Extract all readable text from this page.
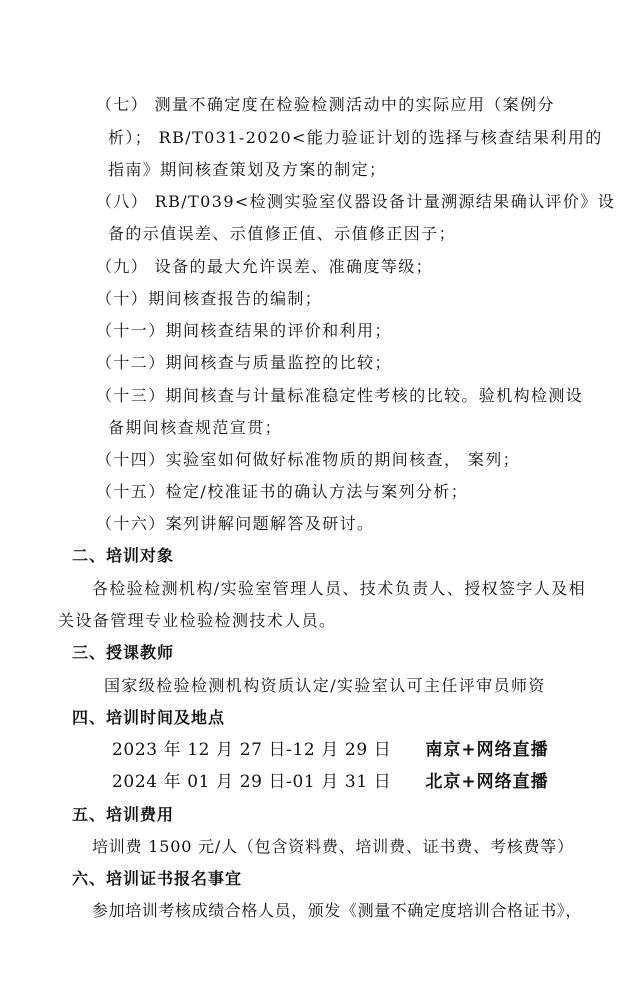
（七） 测量不确定度在检验检测活动中的实际应用（案例分
析）； RB/T031-2020<能力验证计划的选择与核查结果利用的
指南》期间核查策划及方案的制定；
（八） RB/T039<检测实验室仪器设备计量溯源结果确认评价》设
备的示值误差、示值修正值、示值修正因子；
（九） 设备的最大允许误差、准确度等级；
（十）期间核查报告的编制；
（十一）期间核查结果的评价和利用；
（十二）期间核查与质量监控的比较；
（十三）期间核查与计量标准稳定性考核的比较。验机构检测设
备期间核查规范宣贯；
（十四）实验室如何做好标准物质的期间核查， 案列；
（十五）检定/校准证书的确认方法与案列分析；
（十六）案列讲解问题解答及研讨。
二、培训对象
各检验检测机构/实验室管理人员、技术负责人、授权签字人及相
关设备管理专业检验检测技术人员。
三、授课教师
国家级检验检测机构资质认定/实验室认可主任评审员师资
四、培训时间及地点
2023 年 12 月 27 日-12 月 29 日 南京+网络直播
2024 年 01 月 29 日-01 月 31 日 北京+网络直播
五、培训费用
培训费 1500 元/人（包含资料费、培训费、证书费、考核费等）
六、培训证书报名事宜
参加培训考核成绩合格人员，颁发《测量不确定度培训合格证书》，
